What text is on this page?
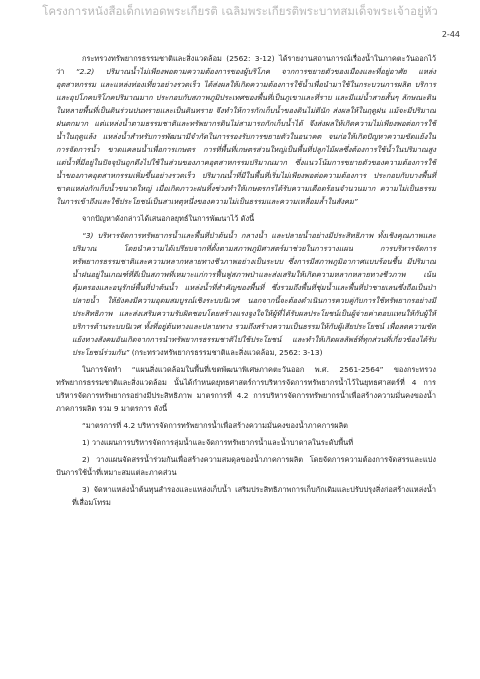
โครงการหนังสือเด็กเทอดพระเกียรติ เฉลิมพระเกียรติพระบาทสมเด็จพระเจ้าอยู่หัว
2-44

กระทรวงทรัพยากรธรรมชาติและสิ่งแวดล้อม (2562: 3-12) ได้รายงานสถานการณ์เรื่องน้ำในภาคตะวันออกไว้ว่า “2.2) ปริมาณน้ำไม่เพียงพอตามความต้องการของผู้บริโภค จากการขยายตัวของเมืองและที่อยู่อาศัย แหล่งอุตสาหกรรม และแหล่งท่องเที่ยวอย่างรวดเร็ว ได้ส่งผลให้เกิดความต้องการใช้น้ำเพื่อนำมาใช้ในกระบวนการผลิต บริการ และอุปโภคบริโภคปริมาณมาก ประกอบกับสภาพภูมิประเทศของพื้นที่เป็นภูเขาและที่ราบ และมีแม่น้ำสายสั้นๆ ลักษณะดินในหลายพื้นที่เป็นดินร่วนปนทรายและเป็นดินทราย จึงทำให้การกักเก็บน้ำของดินไม่ดีนัก ส่งผลให้ในฤดูฝน แม้จะมีปริมาณฝนตกมาก แต่แหล่งน้ำตามธรรมชาติและทรัพยากรดินไม่สามารถกักเก็บน้ำได้ จึงส่งผลให้เกิดความไม่เพียงพอต่อการใช้น้ำในฤดูแล้ง แหล่งน้ำสำหรับการพัฒนามีจำกัดในการรองรับการขยายตัวในอนาคต จนก่อให้เกิดปัญหาความขัดแย้งในการจัดการน้ำ ขาดแคลนน้ำเพื่อการเกษตร การที่พื้นที่เกษตรส่วนใหญ่เป็นพื้นที่ปลูกไม้ผลซึ่งต้องการใช้น้ำในปริมาณสูง แต่น้ำที่มีอยู่ในปัจจุบันถูกดึงไปใช้ในส่วนของภาคอุตสาหกรรมปริมาณมาก ซึ่งแนวโน้มการขยายตัวของความต้องการใช้น้ำของภาคอุตสาหกรรมเพิ่มขึ้นอย่างรวดเร็ว ปริมาณน้ำที่มีในพื้นที่เริ่มไม่เพียงพอต่อความต้องการ ประกอบกับบางพื้นที่ขาดแหล่งกักเก็บน้ำขนาดใหญ่ เมื่อเกิดภาวะฝนทิ้งช่วงทำให้เกษตรกรได้รับความเดือดร้อนจำนวนมาก ความไม่เป็นธรรมในการเข้าถึงและใช้ประโยชน์เป็นสาเหตุหนึ่งของความไม่เป็นธรรมและความเหลื่อมล้ำในสังคม”

จากปัญหาดังกล่าวได้เสนอกลยุทธ์ในการพัฒนาไว้ ดังนี้

“3) บริหารจัดการทรัพยากรน้ำและพื้นที่ป่าต้นน้ำ กลางน้ำ และปลายน้ำอย่างมีประสิทธิภาพ ทั้งเชิงคุณภาพและปริมาณ โดยนำความได้เปรียบจากที่ตั้งตามสภาพภูมิศาสตร์มาช่วยในการวางแผน การบริหารจัดการทรัพยากรธรรมชาติและความหลากหลายทางชีวภาพอย่างเป็นระบบ ซึ่งการมีสภาพภูมิอากาศแบบร้อนชื้น มีปริมาณน้ำฝนอยู่ในเกณฑ์ที่ดีเป็นสภาพที่เหมาะแก่การฟื้นฟูสภาพป่าและส่งเสริมให้เกิดความหลากหลายทางชีวภาพ เน้นคุ้มครองและอนุรักษ์พื้นที่ป่าต้นน้ำ แหล่งน้ำที่สำคัญของพื้นที่ ซึ่งรวมถึงพื้นที่ชุ่มน้ำและพื้นที่ป่าชายเลนซึ่งถือเป็นป่าปลายน้ำ ให้ยังคงมีความอุดมสมบูรณ์เชิงระบบนิเวศ นอกจากนี้จะต้องดำเนินการควบคู่กับการใช้ทรัพยากรอย่างมีประสิทธิภาพ และส่งเสริมความรับผิดชอบโดยสร้างแรงจูงใจให้ผู้ที่ได้รับผลประโยชน์เป็นผู้จ่ายค่าตอบแทนให้กับผู้ให้บริการด้านระบบนิเวศ ทั้งที่อยู่ต้นทางและปลายทาง รวมถึงสร้างความเป็นธรรมให้กับผู้เสียประโยชน์ เพื่อลดความขัดแย้งทางสังคมอันเกิดจากการนำทรัพยากรธรรมชาติไปใช้ประโยชน์ และทำให้เกิดผลลัพธ์ที่ทุกส่วนที่เกี่ยวข้องได้รับประโยชน์ร่วมกัน” (กระทรวงทรัพยากรธรรมชาติและสิ่งแวดล้อม, 2562: 3-13)

ในการจัดทำ “แผนสิ่งแวดล้อมในพื้นที่เขตพัฒนาพิเศษภาคตะวันออก พ.ศ. 2561-2564” ของกระทรวงทรัพยากรธรรมชาติและสิ่งแวดล้อม นั้นได้กำหนดยุทธศาสตร์การบริหารจัดการทรัพยากรน้ำไว้ในยุทธศาสตร์ที่ 4 การบริหารจัดการทรัพยากรอย่างมีประสิทธิภาพ มาตรการที่ 4.2 การบริหารจัดการทรัพยากรน้ำเพื่อสร้างความมั่นคงของน้ำภาคการผลิต รวม 9 มาตรการ ดังนี้

“มาตรการที่ 4.2 บริหารจัดการทรัพยากรน้ำเพื่อสร้างความมั่นคงของน้ำภาคการผลิต

1) วางแผนการบริหารจัดการลุ่มน้ำและจัดการทรัพยากรน้ำและน้ำบาดาลในระดับพื้นที่

2) วางแผนจัดสรรน้ำร่วมกันเพื่อสร้างความสมดุลของน้ำภาคการผลิต โดยจัดการความต้องการจัดสรรและแบ่งปันการใช้น้ำที่เหมาะสมแต่ละภาคส่วน

3) จัดหาแหล่งน้ำต้นทุนสำรองและแหล่งเก็บน้ำ เสริมประสิทธิภาพการเก็บกักเดิมและปรับปรุงสิ่งก่อสร้างแหล่งน้ำที่เสื่อมโทรม
